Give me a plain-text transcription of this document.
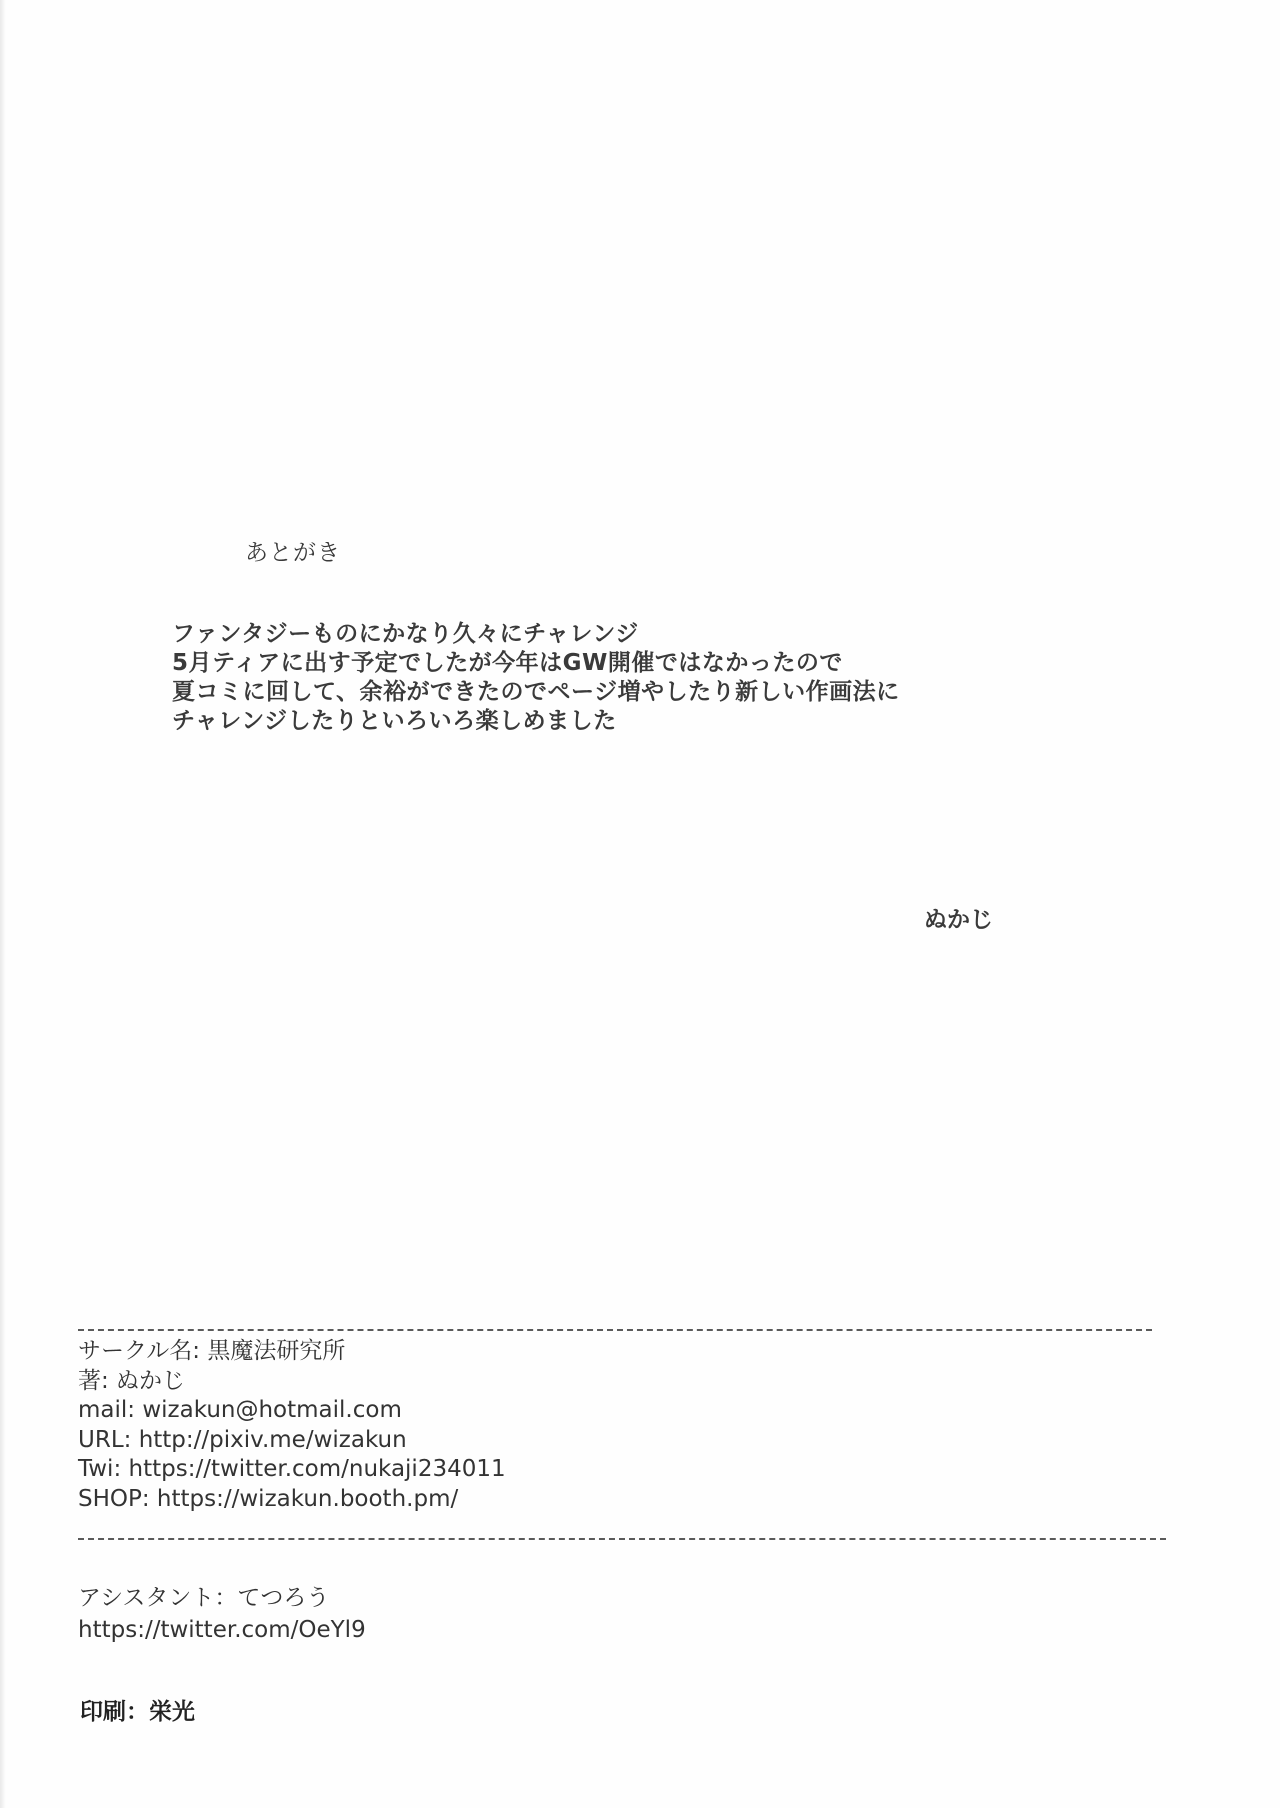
あとがき
ファンタジーものにかなり久々にチャレンジ
5月ティアに出す予定でしたが今年はGW開催ではなかったので
夏コミに回して、余裕ができたのでページ増やしたり新しい作画法に
チャレンジしたりといろいろ楽しめました
ぬかじ
サークル名: 黒魔法研究所
著: ぬかじ
mail: wizakun@hotmail.com
URL: http://pixiv.me/wizakun
Twi: https://twitter.com/nukaji234011
SHOP: https://wizakun.booth.pm/
アシスタント：てつろう
https://twitter.com/OeYl9
印刷：栄光
